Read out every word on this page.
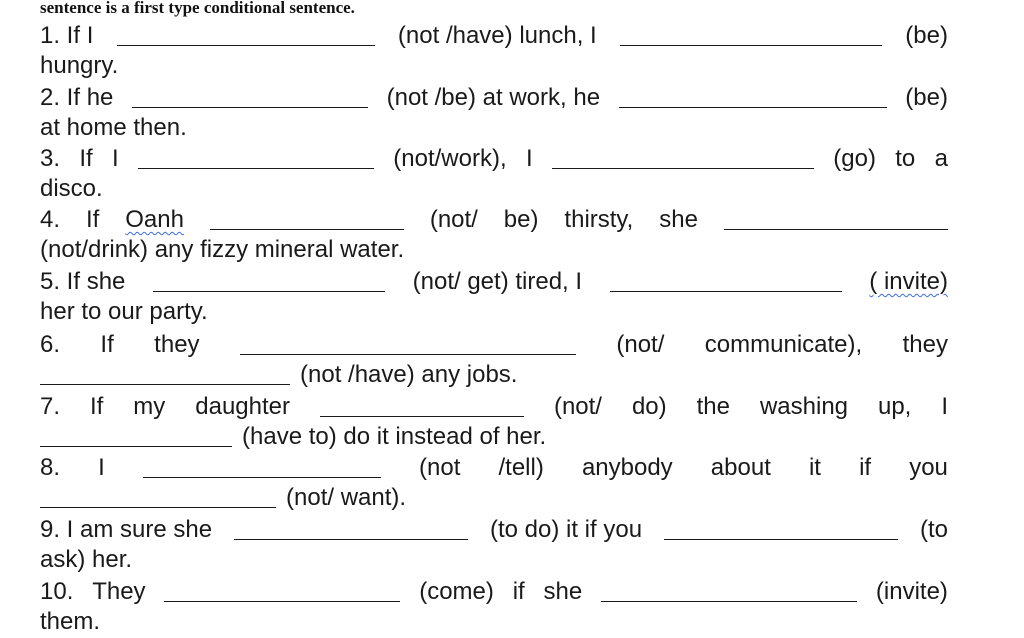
sentence is a first type conditional sentence.
1. If I	(not /have) lunch, I	(be)
hungry.
2. If he	(not /be) at work, he	(be)
at home then.
3. If I	(not/work), I	(go) to a
disco.
4. If Oanh	(not/ be) thirsty, she
(not/drink) any fizzy mineral water.
5. If she	(not/ get) tired, I	( invite)
her to our party.
6. If they	(not/ communicate), they
(not /have) any jobs.
7. If my daughter	(not/ do) the washing up, I
(have to) do it instead of her.
8. I	(not /tell) anybody about it if you
(not/ want).
9. I am sure she	(to do) it if you	(to
ask) her.
10. They	(come) if she	(invite)
them.
